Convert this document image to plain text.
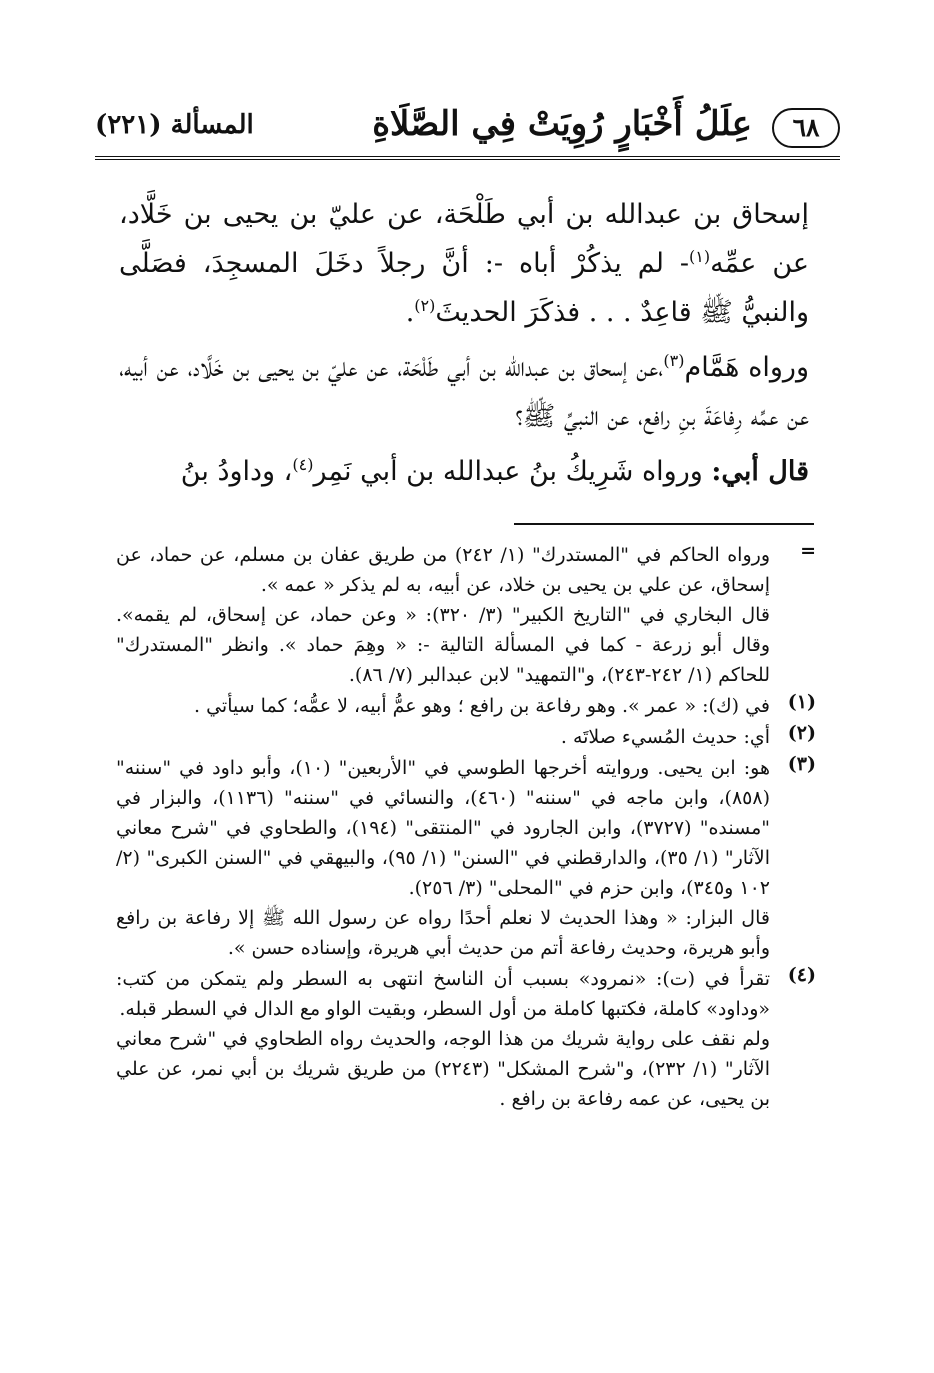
٦٨
عِلَلُ أَخْبَارٍ رُوِيَتْ فِي الصَّلَاةِ
المسألة (٢٢١)

إسحاق بن عبدالله بن أبي طَلْحَة، عن عليّ بن يحيى بن خَلَّاد، عن عمِّه$^{(١)}$- لم يذكُرْ أباه -: أنَّ رجلاً دخَلَ المسجِدَ، فصَلَّى والنبيُّ ﷺ قاعِدٌ . . . فذكَرَ الحديثَ$^{(٢)}$.

ورواه هَمَّام$^{(٣)}$،عن إسحاق بن عبدالله بن أبي طَلْحَة، عن عليّ بن يحيى بن خَلَّاد، عن أبيه، عن عمِّه رِفاعَةَ بنِ رافع، عن النبيِّ ﷺ؟

قال أبي: ورواه شَرِيكُ بنُ عبدالله بن أبي نَمِر$^{(٤)}$، وداودُ بنُ

=

ورواه الحاكم في "المستدرك" (١/ ٢٤٢) من طريق عفان بن مسلم، عن حماد، عن إسحاق، عن علي بن يحيى بن خلاد، عن أبيه، به لم يذكر « عمه ».

قال البخاري في "التاريخ الكبير" (٣/ ٣٢٠): « وعن حماد، عن إسحاق، لم يقمه». وقال أبو زرعة - كما في المسألة التالية -: « وهِمَ حماد ». وانظر "المستدرك" للحاكم (١/ ٢٤٢-٢٤٣)، و"التمهيد" لابن عبدالبر (٧/ ٨٦).

(١)

في (ك): « عمر ». وهو رفاعة بن رافع ؛ وهو عمُّ أبيه، لا عمُّه؛ كما سيأتي .

(٢)

أي: حديث المُسيء صلاتَه .

(٣)

هو: ابن يحيى. وروايته أخرجها الطوسي في "الأربعين" (١٠)، وأبو داود في "سننه" (٨٥٨)، وابن ماجه في "سننه" (٤٦٠)، والنسائي في "سننه" (١١٣٦)، والبزار في "مسنده" (٣٧٢٧)، وابن الجارود في "المنتقى" (١٩٤)، والطحاوي في "شرح معاني الآثار" (١/ ٣٥)، والدارقطني في "السنن" (١/ ٩٥)، والبيهقي في "السنن الكبرى" (٢/ ١٠٢ و٣٤٥)، وابن حزم في "المحلى" (٣/ ٢٥٦).

قال البزار: « وهذا الحديث لا نعلم أحدًا رواه عن رسول الله ﷺ إلا رفاعة بن رافع وأبو هريرة، وحديث رفاعة أتم من حديث أبي هريرة، وإسناده حسن ».

(٤)

تقرأ في (ت): «نمرود» بسبب أن الناسخ انتهى به السطر ولم يتمكن من كتب: «وداود» كاملة، فكتبها كاملة من أول السطر، وبقيت الواو مع الدال في السطر قبله.

ولم نقف على رواية شريك من هذا الوجه، والحديث رواه الطحاوي في "شرح معاني الآثار" (١/ ٢٣٢)، و"شرح المشكل" (٢٢٤٣) من طريق شريك بن أبي نمر، عن علي بن يحيى، عن عمه رفاعة بن رافع .
